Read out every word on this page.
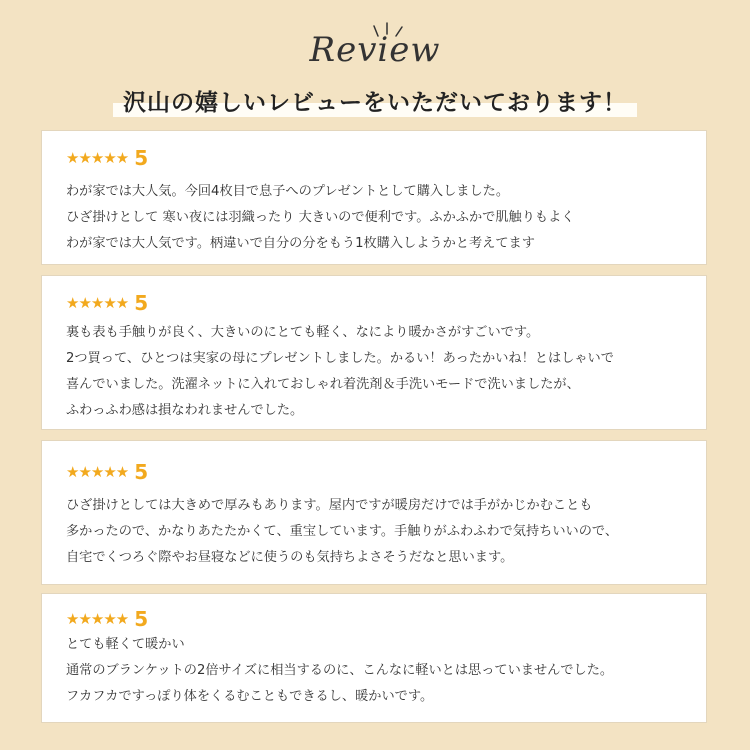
Review
沢山の嬉しいレビューをいただいております！
★★★★★ 5
わが家では大人気。今回4枚目で息子へのプレゼントとして購入しました。
ひざ掛けとして 寒い夜には羽織ったり 大きいので便利です。ふかふかで肌触りもよく
わが家では大人気です。柄違いで自分の分をもう1枚購入しようかと考えてます
★★★★★ 5
裏も表も手触りが良く、大きいのにとても軽く、なにより暖かさがすごいです。
2つ買って、ひとつは実家の母にプレゼントしました。かるい！あったかいね！とはしゃいで
喜んでいました。洗濯ネットに入れておしゃれ着洗剤＆手洗いモードで洗いましたが、
ふわっふわ感は損なわれませんでした。
★★★★★ 5
ひざ掛けとしては大きめで厚みもあります。屋内ですが暖房だけでは手がかじかむことも
多かったので、かなりあたたかくて、重宝しています。手触りがふわふわで気持ちいいので、
自宅でくつろぐ際やお昼寝などに使うのも気持ちよさそうだなと思います。
★★★★★ 5
とても軽くて暖かい
通常のブランケットの2倍サイズに相当するのに、こんなに軽いとは思っていませんでした。
フカフカですっぽり体をくるむこともできるし、暖かいです。
